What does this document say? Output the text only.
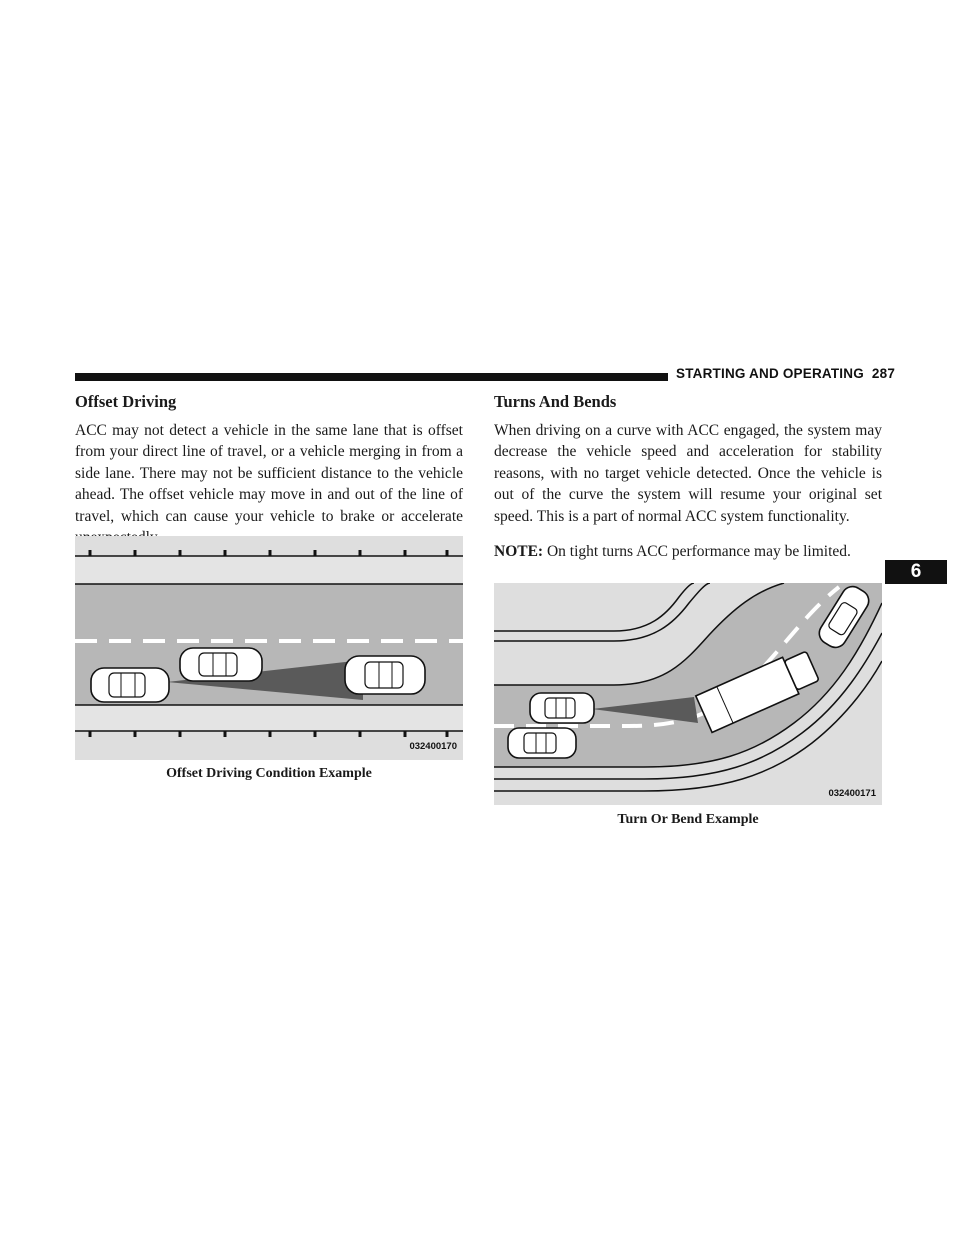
STARTING AND OPERATING 287
6
Offset Driving

ACC may not detect a vehicle in the same lane that is offset from your direct line of travel, or a vehicle merging in from a side lane. There may not be sufficient distance to the vehicle ahead. The offset vehicle may move in and out of the line of travel, which can cause your vehicle to brake or accelerate

032400170

Offset Driving Condition Example

Turns And Bends

When driving on a curve with ACC engaged, the system may decrease the vehicle speed and acceleration for stability reasons, with no target vehicle detected. Once the vehicle is out of the curve the system will resume your original set speed. This is a part of normal ACC system functionality.

NOTE: On tight turns ACC performance may be limited.

032400171

Turn Or Bend Example
